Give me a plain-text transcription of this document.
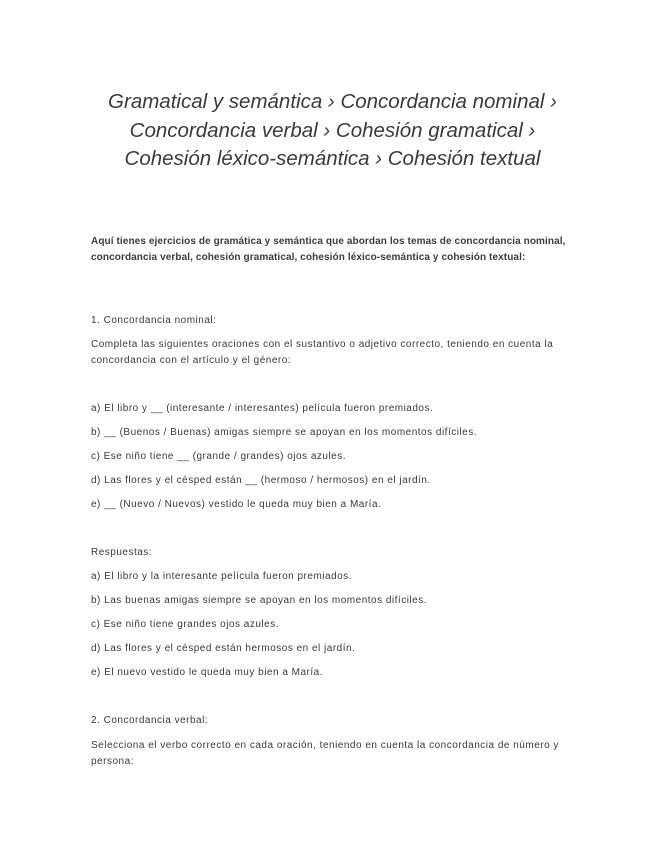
Gramatical y semántica › Concordancia nominal › Concordancia verbal › Cohesión gramatical › Cohesión léxico-semántica › Cohesión textual
Aquí tienes ejercicios de gramática y semántica que abordan los temas de concordancia nominal, concordancia verbal, cohesión gramatical, cohesión léxico-semántica y cohesión textual:
1. Concordancia nominal:
Completa las siguientes oraciones con el sustantivo o adjetivo correcto, teniendo en cuenta la concordancia con el artículo y el género:
a) El libro y __ (interesante / interesantes) película fueron premiados.
b) __ (Buenos / Buenas) amigas siempre se apoyan en los momentos difíciles.
c) Ese niño tiene __ (grande / grandes) ojos azules.
d) Las flores y el césped están __ (hermoso / hermosos) en el jardín.
e) __ (Nuevo / Nuevos) vestido le queda muy bien a María.
Respuestas:
a) El libro y la interesante película fueron premiados.
b) Las buenas amigas siempre se apoyan en los momentos difíciles.
c) Ese niño tiene grandes ojos azules.
d) Las flores y el césped están hermosos en el jardín.
e) El nuevo vestido le queda muy bien a María.
2. Concordancia verbal:
Selecciona el verbo correcto en cada oración, teniendo en cuenta la concordancia de número y persona:
